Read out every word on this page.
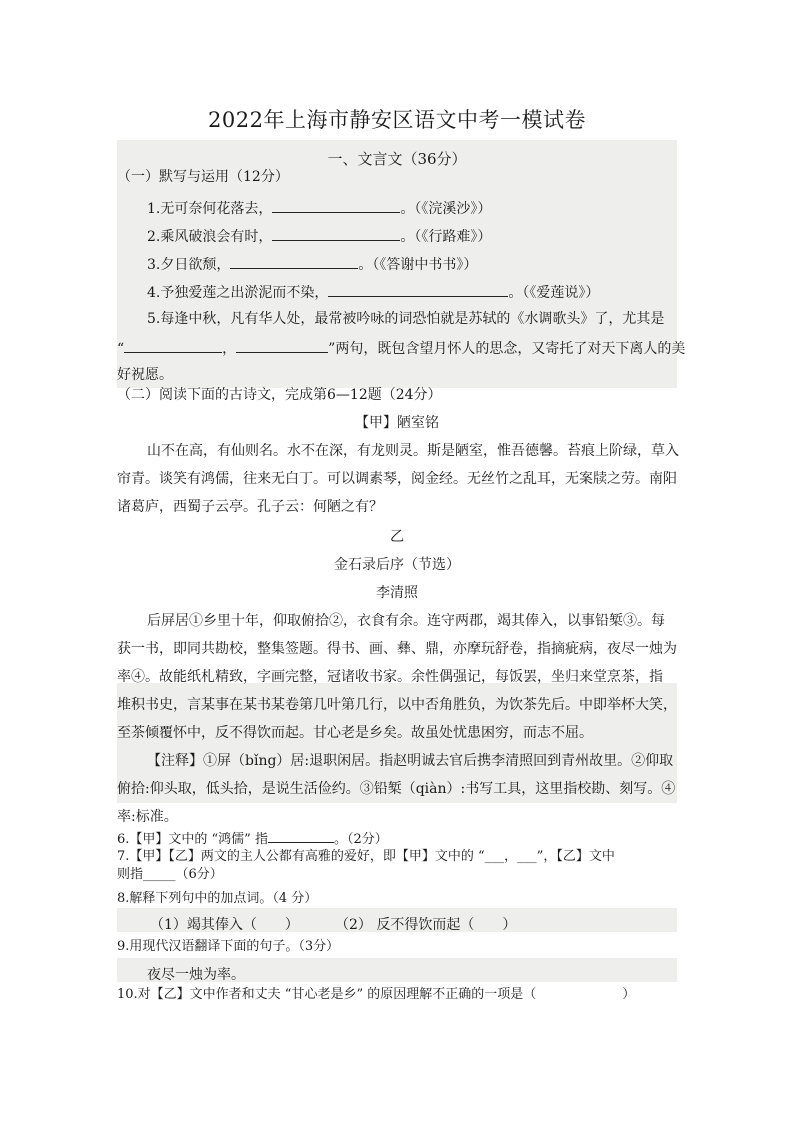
2022年上海市静安区语文中考一模试卷
一、文言文（36分）
（一）默写与运用（12分）
1.无可奈何花落去，	。（《浣溪沙》）
2.乘风破浪会有时，	。（《行路难》）
3.夕日欲颓，	。（《答谢中书书》）
4.予独爱莲之出淤泥而不染，	。（《爱莲说》）
5.每逢中秋，凡有华人处，最常被吟咏的词恐怕就是苏轼的《水调歌头》了，尤其是
“	，	”两句，既包含望月怀人的思念，又寄托了对天下离人的美
好祝愿。
（二）阅读下面的古诗文，完成第6—12题（24分）
【甲】陋室铭
山不在高，有仙则名。水不在深，有龙则灵。斯是陋室，惟吾德馨。苔痕上阶绿，草入
帘青。谈笑有鸿儒，往来无白丁。可以调素琴，阅金经。无丝竹之乱耳，无案牍之劳。南阳
诸葛庐，西蜀子云亭。孔子云：何陋之有？
乙
金石录后序（节选）
李清照
后屏居①乡里十年，仰取俯拾②，衣食有余。连守两郡，竭其俸入，以事铅椠③。每
获一书，即同共勘校，整集签题。得书、画、彝、鼎，亦摩玩舒卷，指摘疵病，夜尽一烛为
率④。故能纸札精致，字画完整，冠诸收书家。余性偶强记，每饭罢，坐归来堂烹茶，指
堆积书史，言某事在某书某卷第几叶第几行，以中否角胜负，为饮茶先后。中即举杯大笑，
至茶倾覆怀中，反不得饮而起。甘心老是乡矣。故虽处忧患困穷，而志不屈。
【注释】①屏（bǐng）居:退职闲居。指赵明诚去官后携李清照回到青州故里。②仰取
俯拾:仰头取，低头拾，是说生活俭约。③铅椠（qiàn）:书写工具，这里指校勘、刻写。④
率:标准。
6.【甲】文中的 “鸿儒” 指	。（2分）
7.【甲】【乙】两文的主人公都有高雅的爱好，即【甲】文中的 “___，___”，【乙】文中
则指_____（6分）
8.解释下列句中的加点词。（4 分）
（1）竭其俸入（　　）	（2） 反不得饮而起（　　）
9.用现代汉语翻译下面的句子。（3分）
夜尽一烛为率。
10.对【乙】文中作者和丈夫 “甘心老是乡” 的原因理解不正确的一项是（	）
